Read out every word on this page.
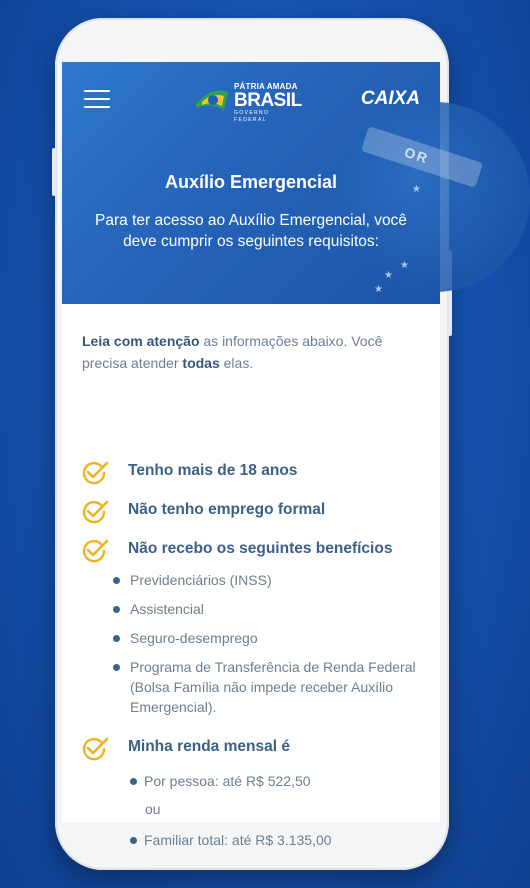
OR
★
★
★
★
PÁTRIA AMADA
BRASIL
GOVERNO FEDERAL
CAIXA
Auxílio Emergencial
Para ter acesso ao Auxílio Emergencial, você deve cumprir os seguintes requisitos:
Leia com atenção as informações abaixo. Você precisa atender todas elas.
Tenho mais de 18 anos
Não tenho emprego formal
Não recebo os seguintes benefícios
Previdenciários (INSS)
Assistencial
Seguro-desemprego
Programa de Transferência de Renda Federal (Bolsa Família não impede receber Auxílio Emergencial).
Minha renda mensal é
Por pessoa: até R$ 522,50
ou
Familiar total: até R$ 3.135,00
